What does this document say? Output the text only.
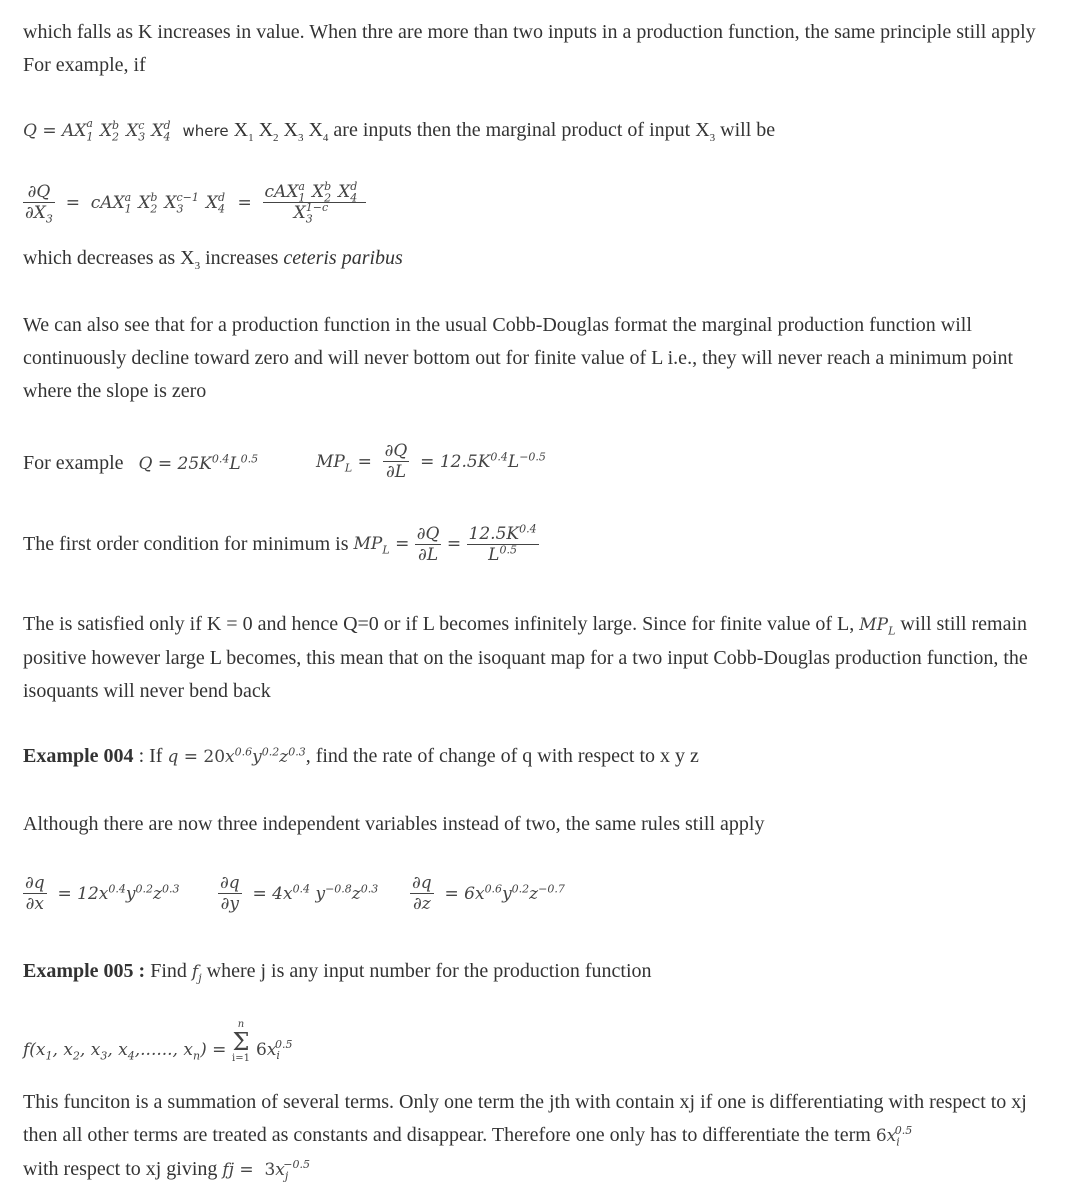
which falls as K increases in value. When thre are more than two inputs in a production function, the same principle still apply For example, if

$Q = AX_1^a$ $X_2^b$ $X_3^c$ $X_4^d$ where $X_1$ $X_2$ $X_3$ $X_4$ are inputs then the marginal product of input $X_3$ will be
$\frac{\partial Q}{\partial X_3} = cAX_1^a$ $X_2^b$ $X_3^{c-1}$ $X_4^d = \frac{cAX_1^a X_2^b X_4^d}{X_3^{1-c}}$
which decreases as $X_3$ increases ceteris paribus

We can also see that for a production function in the usual Cobb-Douglas format the marginal production function will continuously decline toward zero and will never bottom out for finite value of L i.e., they will never reach a minimum point where the slope is zero

For example $Q = 25K^{0.4}L^{0.5}$	$MP_L = \frac{\partial Q}{\partial L} = 12.5K^{0.4}L^{-0.5}$
The first order condition for minimum is $MP_L = \frac{\partial Q}{\partial L} = \frac{12.5K^{0.4}}{L^{0.5}}$

The is satisfied only if K = 0 and hence Q=0 or if L becomes infinitely large. Since for finite value of L, $MP_L$ will still remain positive however large L becomes, this mean that on the isoquant map for a two input Cobb-Douglas production function, the isoquants will never bend back

Example 004 : If $q = 20x^{0.6}y^{0.2}z^{0.3}$, find the rate of change of q with respect to x y z

Although there are now three independent variables instead of two, the same rules still apply

$\frac{\partial q}{\partial x} = 12x^{0.4}y^{0.2}z^{0.3} \frac{\partial q}{\partial y} = 4x^{0.4}$ $y^{-0.8}z^{0.3} \frac{\partial q}{\partial z} = 6x^{0.6}y^{0.2}z^{-0.7}$
Example 005 : Find $f_j$ where j is any input number for the production function
$f(x_1$, $x_2$, $x_3$, $x_4$,......, $x_n$) =
n
Σ
i=1 $6x_i^{0.5}$

This funciton is a summation of several terms. Only one term the jth with contain xj if one is differentiating with respect to xj then all other terms are treated as constants and disappear. Therefore one only has to differentiate the term $6x_i^{0.5}$
with respect to xj giving fj =  $3x_j^{-0.5}$
